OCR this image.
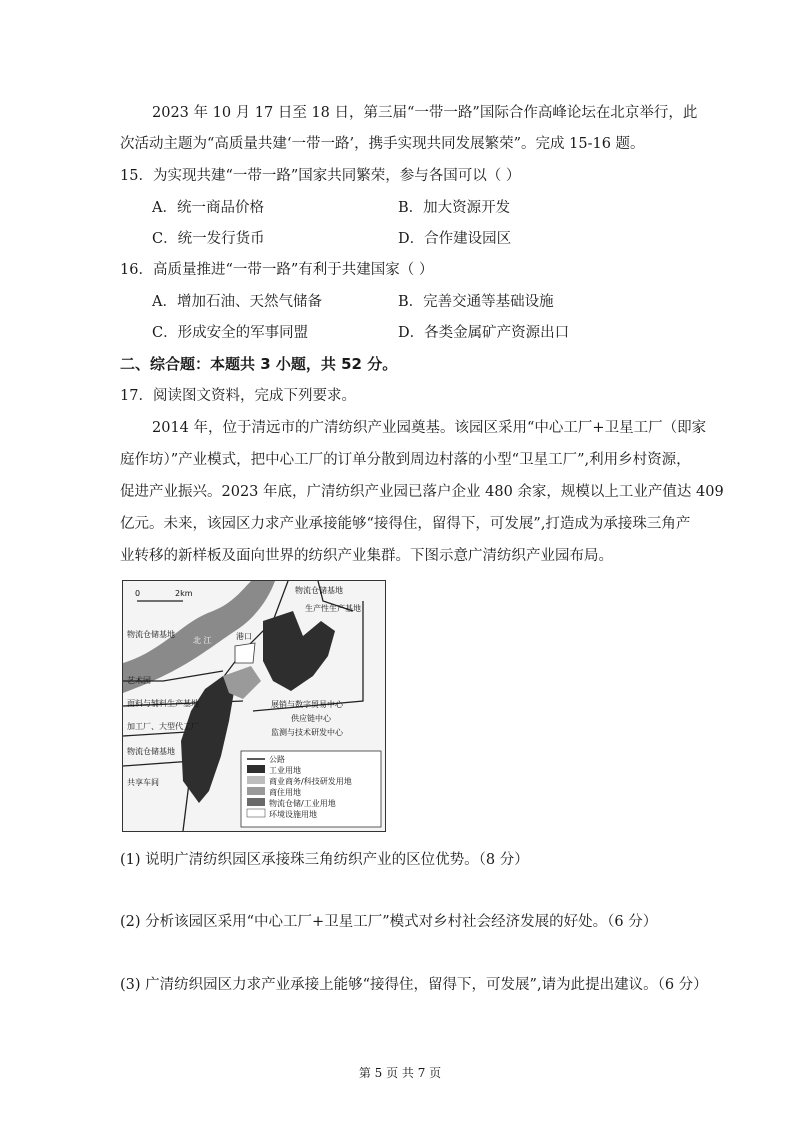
2023 年 10 月 17 日至 18 日，第三届“一带一路”国际合作高峰论坛在北京举行，此
次活动主题为“高质量共建‘一带一路’，携手实现共同发展繁荣”。完成 15-16 题。
15．为实现共建“一带一路”国家共同繁荣，参与各国可以（ ）
A．统一商品价格	B．加大资源开发
C．统一发行货币	D．合作建设园区
16．高质量推进“一带一路”有利于共建国家（ ）
A．增加石油、天然气储备	B．完善交通等基础设施
C．形成安全的军事同盟	D．各类金属矿产资源出口
二、综合题：本题共 3 小题，共 52 分。
17．阅读图文资料，完成下列要求。
2014 年，位于清远市的广清纺织产业园奠基。该园区采用“中心工厂+卫星工厂（即家
庭作坊）”产业模式，把中心工厂的订单分散到周边村落的小型“卫星工厂”,利用乡村资源，
促进产业振兴。2023 年底，广清纺织产业园已落户企业 480 余家，规模以上工业产值达 409
亿元。未来，该园区力求产业承接能够“接得住，留得下，可发展”,打造成为承接珠三角产
业转移的新样板及面向世界的纺织产业集群。下图示意广清纺织产业园布局。
0	2km
北 江
物流仓储基地
生产性生产基地
物流仓储基地	港口
艺术园
面料与辅料生产基地
加工厂、大型代工厂
物流仓储基地
共享车间
展销与数字贸易中心
供应链中心
监测与技术研发中心
公路
工业用地
商业商务/科技研发用地
商住用地
物流仓储/工业用地
环境设施用地
(1) 说明广清纺织园区承接珠三角纺织产业的区位优势。（8 分）
(2) 分析该园区采用“中心工厂+卫星工厂”模式对乡村社会经济发展的好处。（6 分）
(3) 广清纺织园区力求产业承接上能够“接得住，留得下，可发展”,请为此提出建议。（6 分）
第 5 页 共 7 页
